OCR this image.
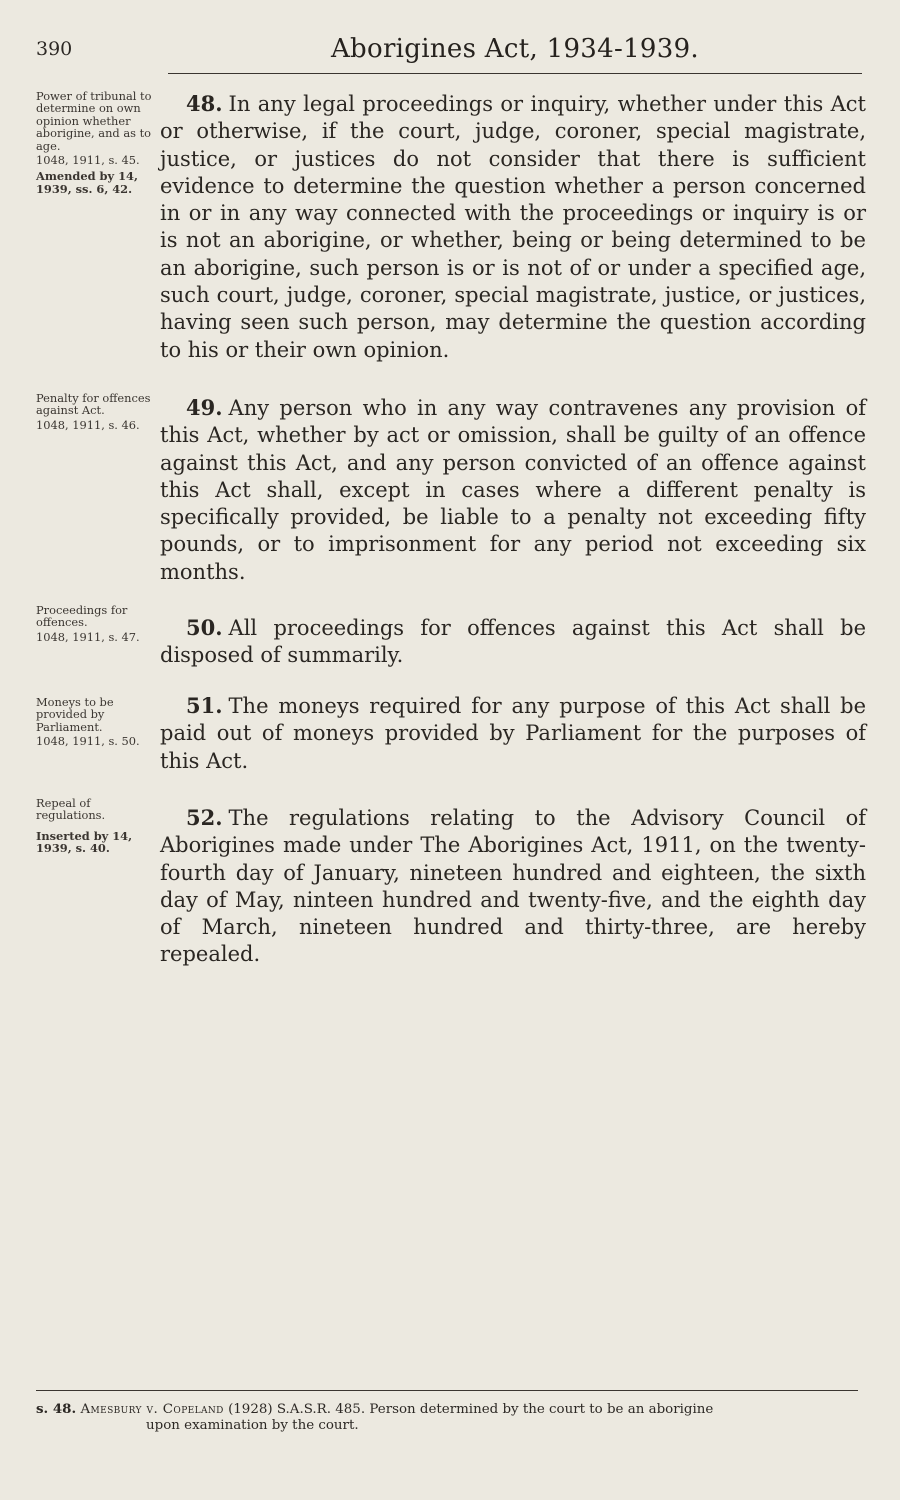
390	Aborigines Act, 1934-1939.
Power of tribunal to determine on own opinion whether aborigine, and as to age.
1048, 1911, s. 45.
Amended by 14, 1939, ss. 6, 42.
48. In any legal proceedings or inquiry, whether under this Act or otherwise, if the court, judge, coroner, special magistrate, justice, or justices do not consider that there is sufficient evidence to determine the question whether a person concerned in or in any way connected with the proceedings or inquiry is or is not an aborigine, or whether, being or being determined to be an aborigine, such person is or is not of or under a specified age, such court, judge, coroner, special magistrate, justice, or justices, having seen such person, may determine the question according to his or their own opinion.
Penalty for offences against Act.
1048, 1911, s. 46.
49. Any person who in any way contravenes any provision of this Act, whether by act or omission, shall be guilty of an offence against this Act, and any person convicted of an offence against this Act shall, except in cases where a different penalty is specifically provided, be liable to a penalty not exceeding fifty pounds, or to imprisonment for any period not exceeding six months.
Proceedings for offences.
1048, 1911, s. 47.	50. All proceedings for offences against this Act shall be disposed of summarily.
Moneys to be provided by Parliament.
1048, 1911, s. 50.
51. The moneys required for any purpose of this Act shall be paid out of moneys provided by Parliament for the purposes of this Act.
Repeal of regulations.
Inserted by 14, 1939, s. 40.
52. The regulations relating to the Advisory Council of Aborigines made under The Aborigines Act, 1911, on the twenty-fourth day of January, nineteen hundred and eighteen, the sixth day of May, ninteen hundred and twenty-five, and the eighth day of March, nineteen hundred and thirty-three, are hereby repealed.
s. 48. Amesbury v. Copeland (1928) S.A.S.R. 485. Person determined by the court to be an aborigine
upon examination by the court.
